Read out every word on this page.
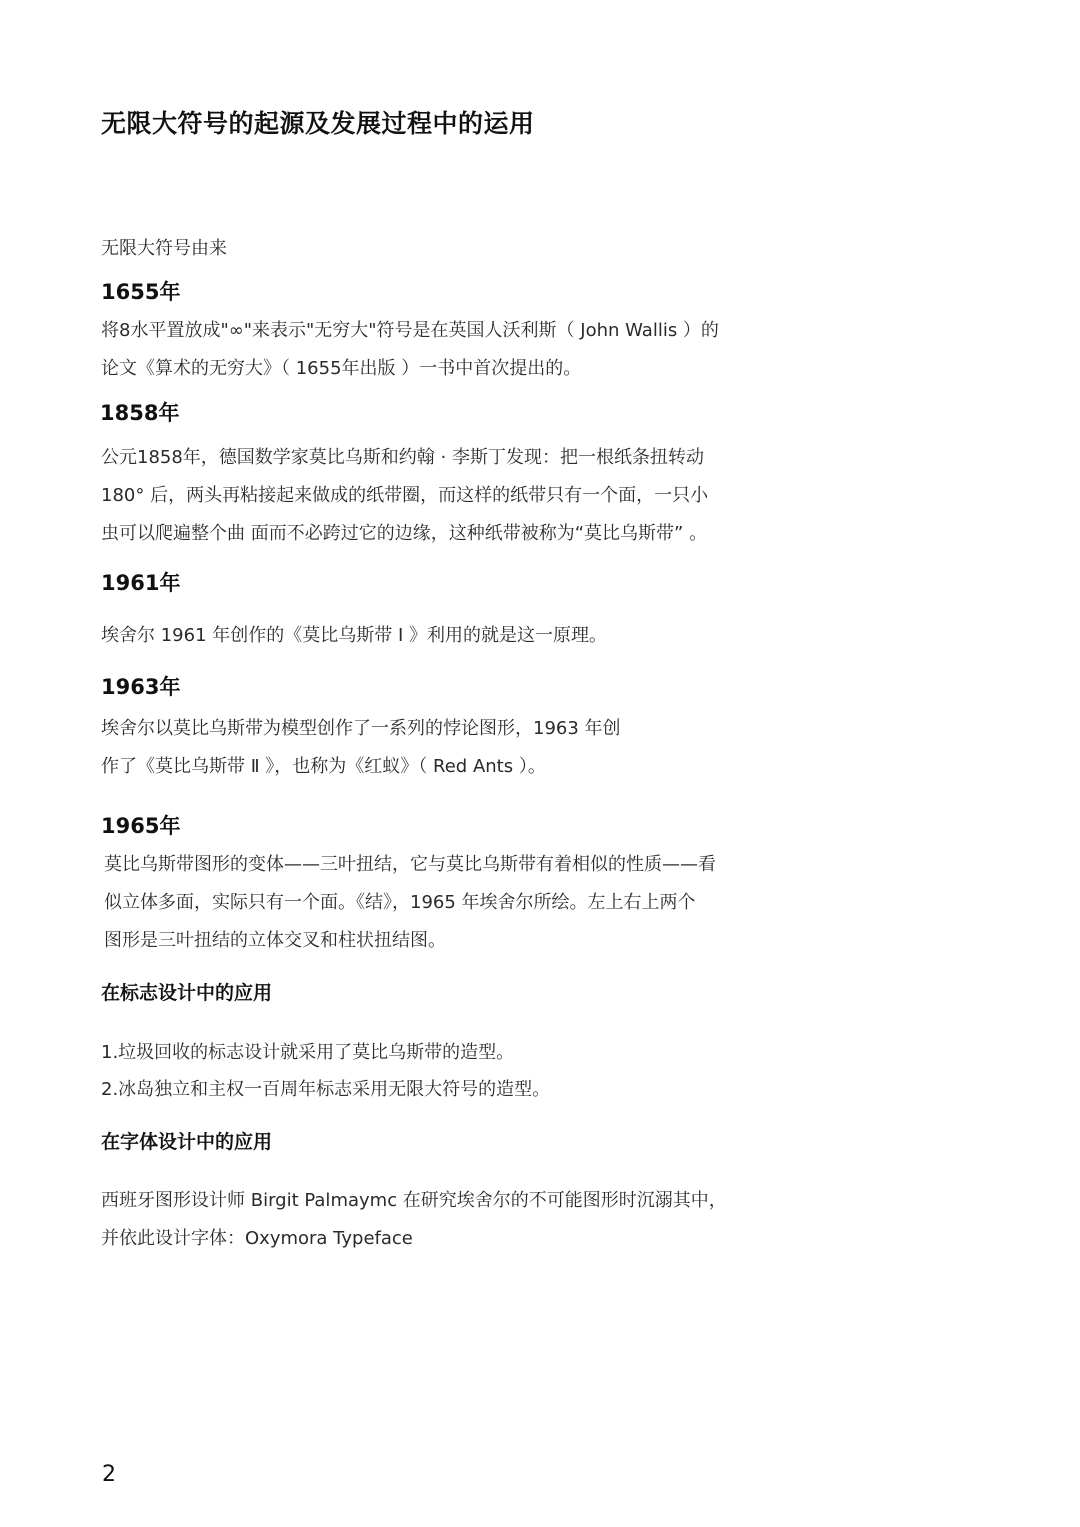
无限大符号的起源及发展过程中的运用
无限大符号由来
1655年
将8水平置放成"∞"来表示"无穷大"符号是在英国人沃利斯（ John Wallis ）的
论文《算术的无穷大》（ 1655年出版 ）一书中首次提出的。
1858年
公元1858年，德国数学家莫比乌斯和约翰 · 李斯丁发现：把一根纸条扭转动
180° 后，两头再粘接起来做成的纸带圈，而这样的纸带只有一个面，一只小
虫可以爬遍整个曲 面而不必跨过它的边缘，这种纸带被称为“莫比乌斯带” 。
1961年
埃舍尔 1961 年创作的《莫比乌斯带 Ⅰ 》利用的就是这一原理。
1963年
埃舍尔以莫比乌斯带为模型创作了一系列的悖论图形，1963 年创
作了《莫比乌斯带 Ⅱ 》，也称为《红蚁》（ Red Ants ）。
1965年
莫比乌斯带图形的变体——三叶扭结，它与莫比乌斯带有着相似的性质——看
似立体多面，实际只有一个面。《结》，1965 年埃舍尔所绘。左上右上两个
图形是三叶扭结的立体交叉和柱状扭结图。
在标志设计中的应用
1.垃圾回收的标志设计就采用了莫比乌斯带的造型。
2.冰岛独立和主权一百周年标志采用无限大符号的造型。
在字体设计中的应用
西班牙图形设计师 Birgit Palmaymc 在研究埃舍尔的不可能图形时沉溺其中，
并依此设计字体：Oxymora Typeface
2
